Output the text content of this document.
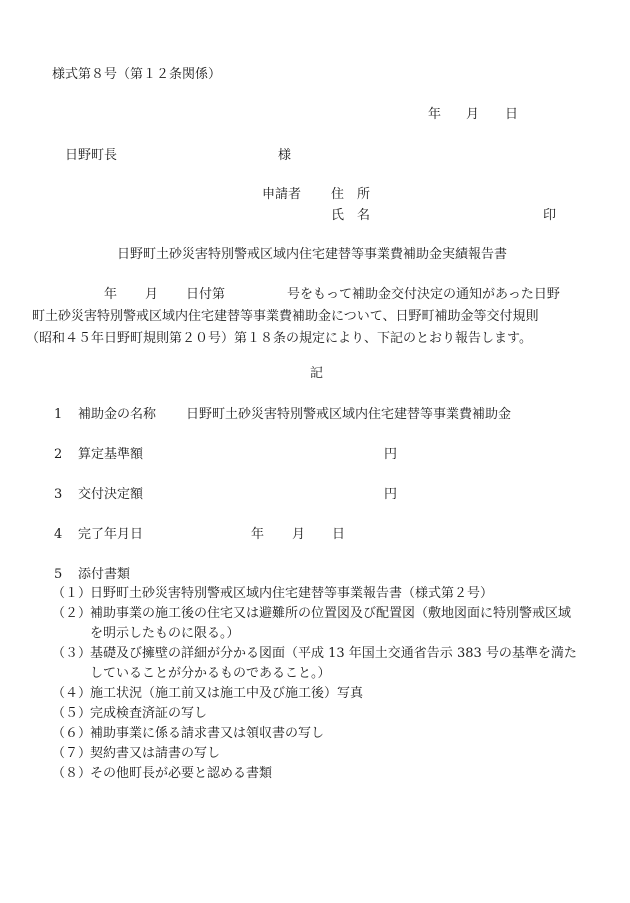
様式第８号（第１２条関係）
年 月 日
日野町長	様
申請者 住　所
氏　名	印
日野町土砂災害特別警戒区域内住宅建替等事業費補助金実績報告書
年 月 日付第	号をもって補助金交付決定の通知があった日野
町土砂災害特別警戒区域内住宅建替等事業費補助金について、日野町補助金等交付規則
（昭和４５年日野町規則第２０号）第１８条の規定により、下記のとおり報告します。
記
1 補助金の名称 日野町土砂災害特別警戒区域内住宅建替等事業費補助金
2 算定基準額	円
3 交付決定額	円
4 完了年月日	年 月 日
5 添付書類
（１）
日野町土砂災害特別警戒区域内住宅建替等事業報告書（様式第２号）
（２）
補助事業の施工後の住宅又は避難所の位置図及び配置図（敷地図面に特別警戒区域
を明示したものに限る。）
（３）
基礎及び擁壁の詳細が分かる図面（平成 13 年国土交通省告示 383 号の基準を満た
していることが分かるものであること。）
（４）
施工状況（施工前又は施工中及び施工後）写真
（５）
完成検査済証の写し
（６）
補助事業に係る請求書又は領収書の写し
（７）
契約書又は請書の写し
（８）
その他町長が必要と認める書類
